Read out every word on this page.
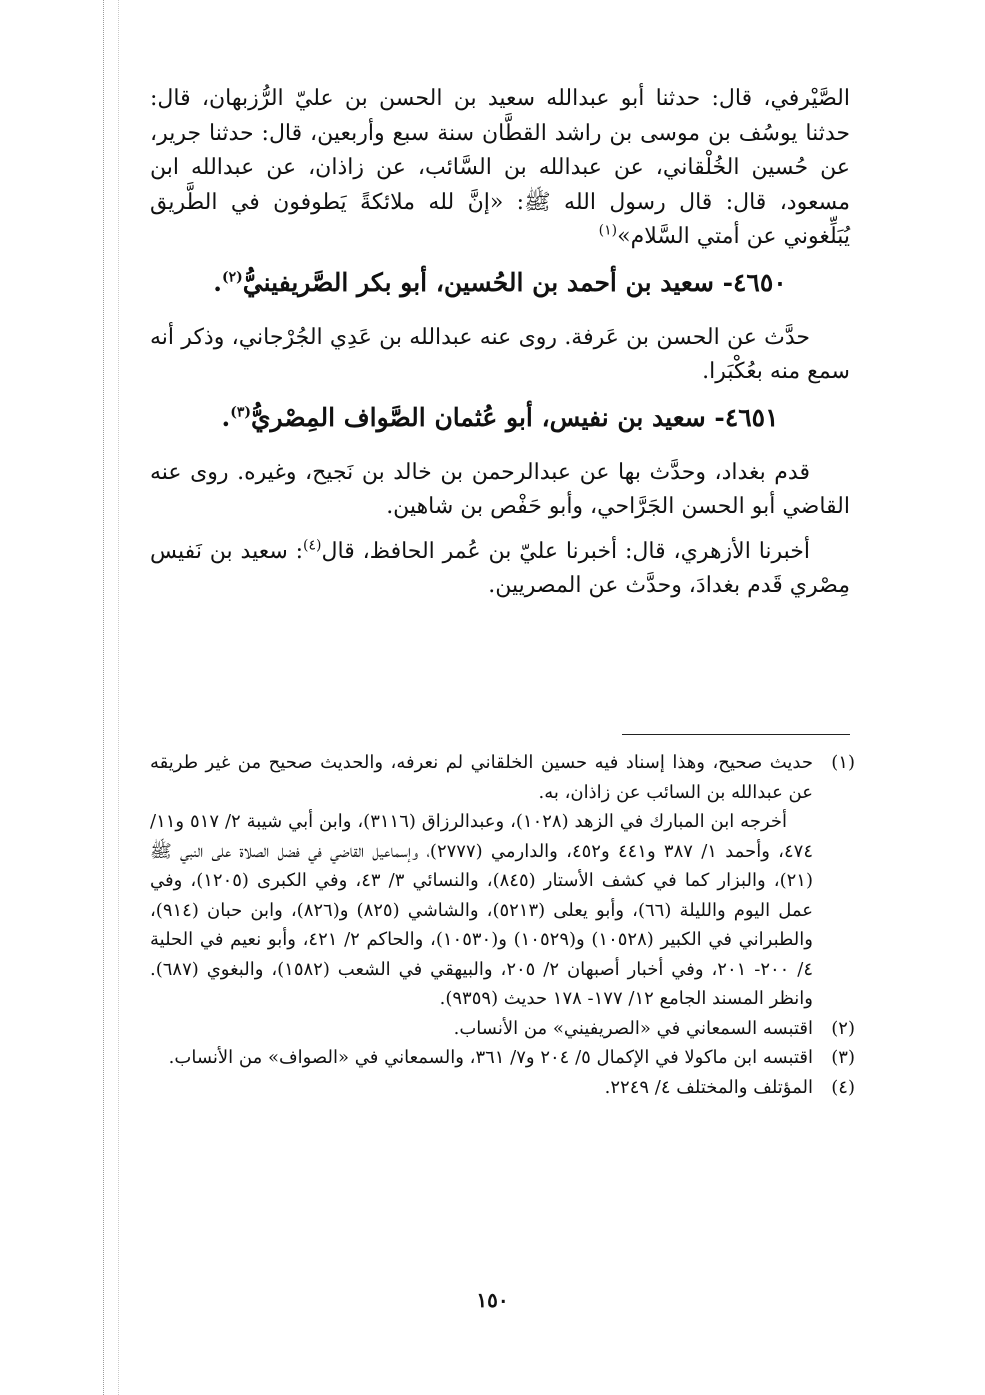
الصَّيْرفي، قال: حدثنا أبو عبدالله سعيد بن الحسن بن عليّ الرُّزبهان، قال: حدثنا يوسُف بن موسى بن راشد القطَّان سنة سبع وأربعين، قال: حدثنا جرير، عن حُسين الخُلْقاني، عن عبدالله بن السَّائب، عن زاذان، عن عبدالله ابن مسعود، قال: قال رسول الله ﷺ: «إنَّ لله ملائكةً يَطوفون في الطَّريق يُبَلِّغوني عن أمتي السَّلام»$^{(١)}$

٤٦٥٠- سعيد بن أحمد بن الحُسين، أبو بكر الصَّريفينيُّ$^{(٢)}$.

حدَّث عن الحسن بن عَرفة. روى عنه عبدالله بن عَدِي الجُرْجاني، وذكر أنه سمع منه بعُكْبَرا.

٤٦٥١- سعيد بن نفيس، أبو عُثمان الصَّواف المِصْريُّ$^{(٣)}$.

قدم بغداد، وحدَّث بها عن عبدالرحمن بن خالد بن نَجيح، وغيره. روى عنه القاضي أبو الحسن الجَرَّاحي، وأبو حَفْص بن شاهين.

أخبرنا الأزهري، قال: أخبرنا عليّ بن عُمر الحافظ، قال$^{(٤)}$: سعيد بن نَفيس مِصْري قَدم بغدادَ، وحدَّث عن المصريين.

(١)
حديث صحيح، وهذا إسناد فيه حسين الخلقاني لم نعرفه، والحديث صحيح من غير طريقه عن عبدالله بن السائب عن زاذان، به.

أخرجه ابن المبارك في الزهد (١٠٢٨)، وعبدالرزاق (٣١١٦)، وابن أبي شيبة ٢/ ٥١٧ و١١/ ٤٧٤، وأحمد ١/ ٣٨٧ و٤٤١ و٤٥٢، والدارمي (٢٧٧٧)، وإسماعيل القاضي في فضل الصلاة على النبي ﷺ (٢١)، والبزار كما في كشف الأستار (٨٤٥)، والنسائي ٣/ ٤٣، وفي الكبرى (١٢٠٥)، وفي عمل اليوم والليلة (٦٦)، وأبو يعلى (٥٢١٣)، والشاشي (٨٢٥) و(٨٢٦)، وابن حبان (٩١٤)، والطبراني في الكبير (١٠٥٢٨) و(١٠٥٢٩) و(١٠٥٣٠)، والحاكم ٢/ ٤٢١، وأبو نعيم في الحلية ٤/ ٢٠٠- ٢٠١، وفي أخبار أصبهان ٢/ ٢٠٥، والبيهقي في الشعب (١٥٨٢)، والبغوي (٦٨٧). وانظر المسند الجامع ١٢/ ١٧٧- ١٧٨ حديث (٩٣٥٩).

(٢)
اقتبسه السمعاني في «الصريفيني» من الأنساب.
(٣)
اقتبسه ابن ماكولا في الإكمال ٥/ ٢٠٤ و٧/ ٣٦١، والسمعاني في «الصواف» من الأنساب.
(٤)
المؤتلف والمختلف ٤/ ٢٢٤٩.
١٥٠
